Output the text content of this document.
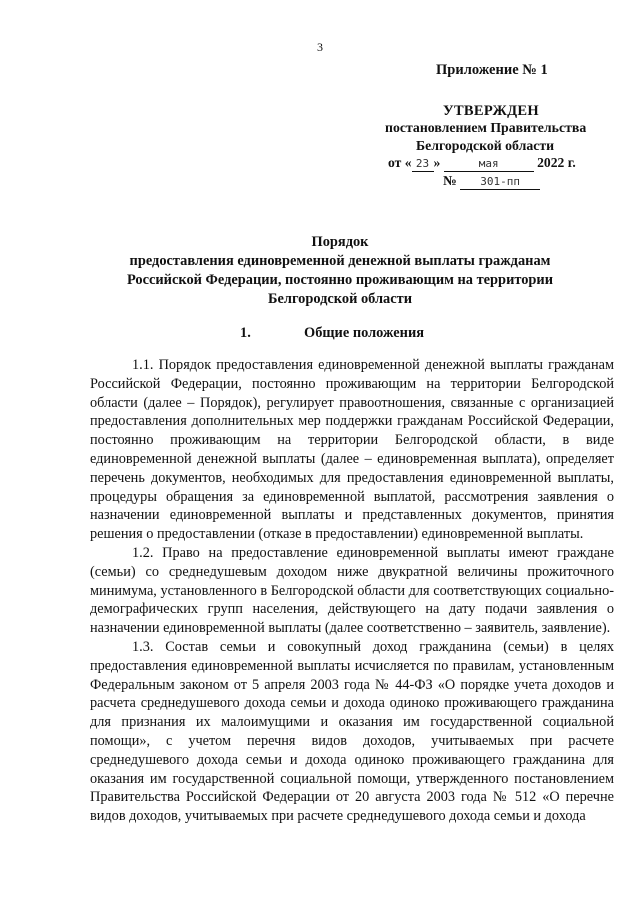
3
Приложение № 1
УТВЕРЖДЕН
постановлением Правительства
Белгородской области
от « 23 »	мая	2022 г.
№ 301-пп
Порядок
предоставления единовременной денежной выплаты гражданам
Российской Федерации, постоянно проживающим на территории
Белгородской области
1.	Общие положения

1.1. Порядок предоставления единовременной денежной выплаты гражданам Российской Федерации, постоянно проживающим на территории Белгородской области (далее – Порядок), регулирует правоотношения, связанные с организацией предоставления дополнительных мер поддержки гражданам Российской Федерации, постоянно проживающим на территории Белгородской области, в виде единовременной денежной выплаты (далее – единовременная выплата), определяет перечень документов, необходимых для предоставления единовременной выплаты, процедуры обращения за единовременной выплатой, рассмотрения заявления о назначении единовременной выплаты и представленных документов, принятия решения о предоставлении (отказе в предоставлении) единовременной выплаты.

1.2. Право на предоставление единовременной выплаты имеют граждане (семьи) со среднедушевым доходом ниже двукратной величины прожиточного минимума, установленного в Белгородской области для соответствующих социально-демографических групп населения, действующего на дату подачи заявления о назначении единовременной выплаты (далее соответственно – заявитель, заявление).

1.3. Состав семьи и совокупный доход гражданина (семьи) в целях предоставления единовременной выплаты исчисляется по правилам, установленным Федеральным законом от 5 апреля 2003 года № 44-ФЗ «О порядке учета доходов и расчета среднедушевого дохода семьи и дохода одиноко проживающего гражданина для признания их малоимущими и оказания им государственной социальной помощи», с учетом перечня видов доходов, учитываемых при расчете среднедушевого дохода семьи и дохода одиноко проживающего гражданина для оказания им государственной социальной помощи, утвержденного постановлением Правительства Российской Федерации от 20 августа 2003 года № 512 «О перечне видов доходов, учитываемых при расчете среднедушевого дохода семьи и дохода
